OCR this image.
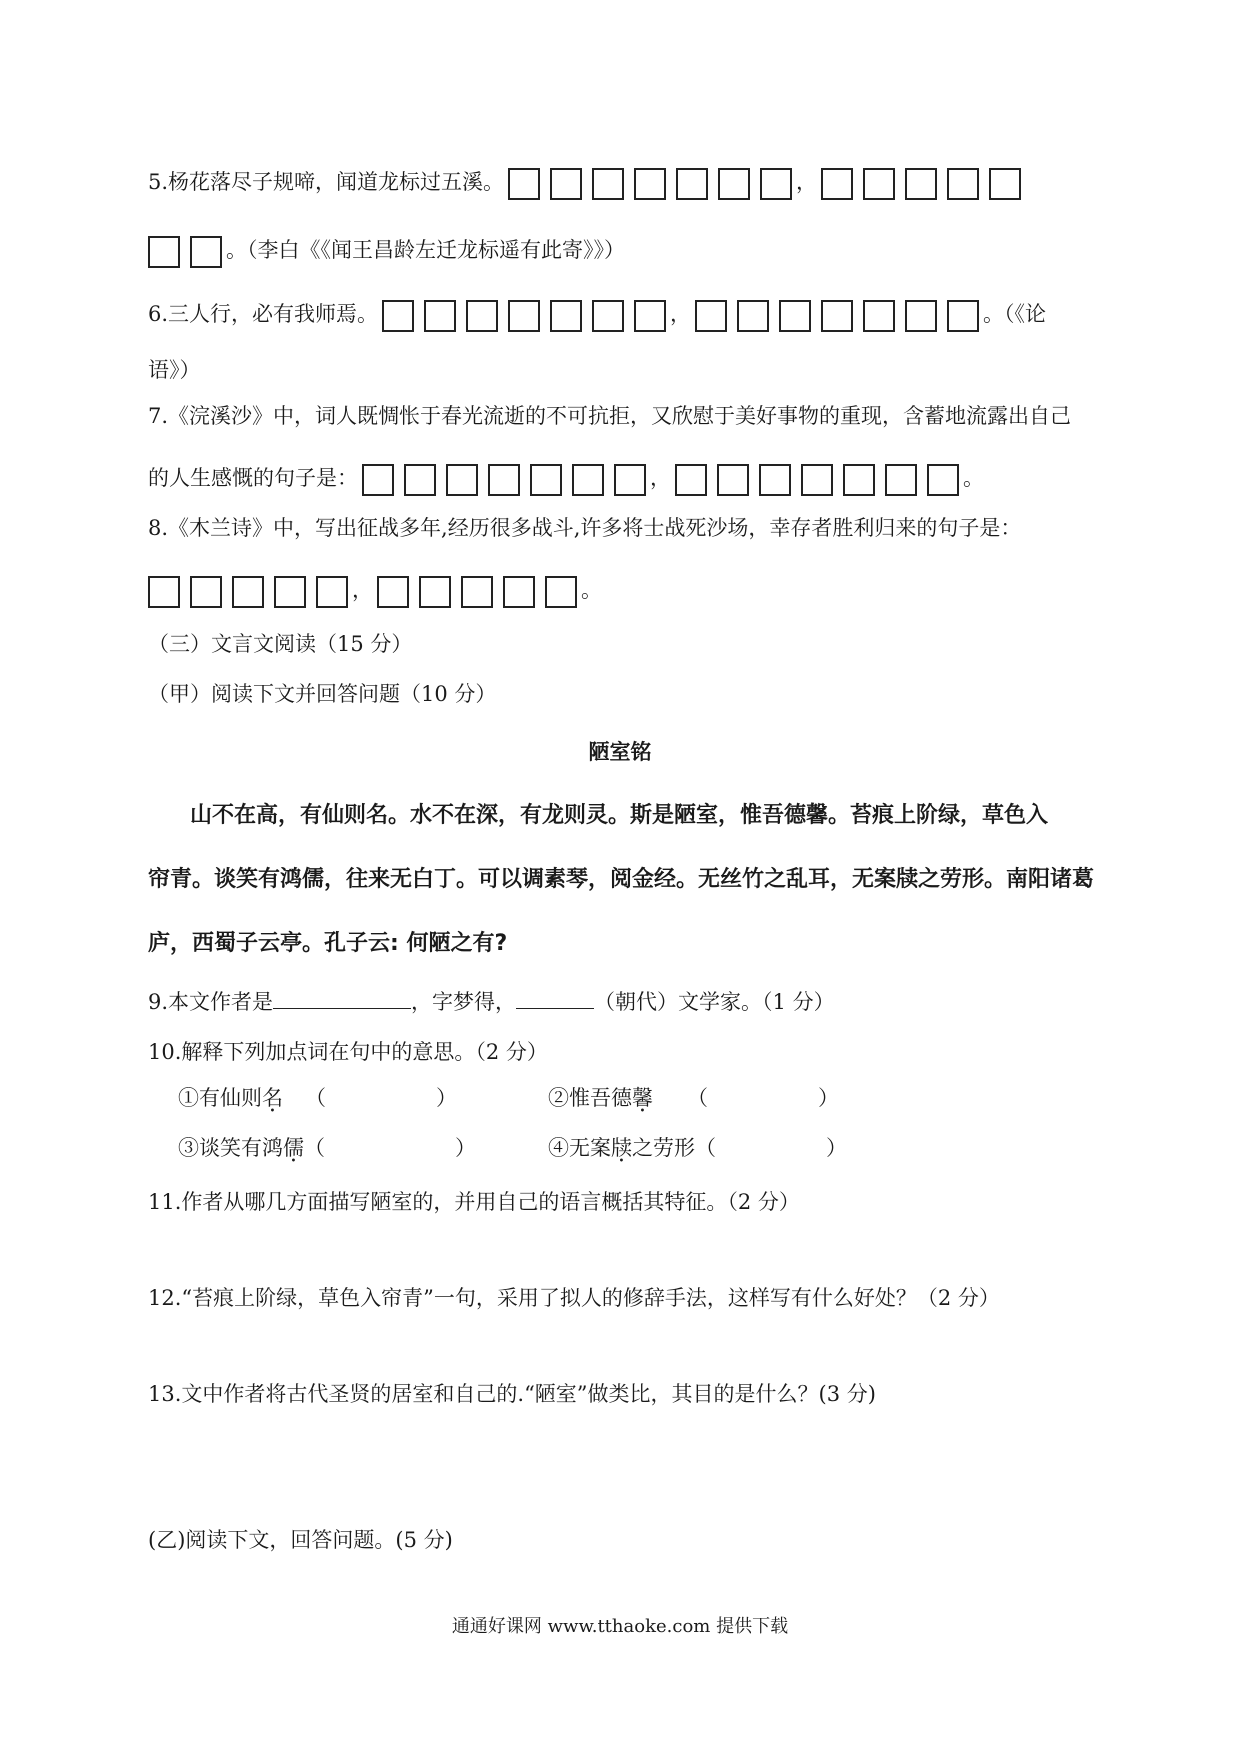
5.杨花落尽子规啼，闻道龙标过五溪。	，
。（李白《《闻王昌龄左迁龙标遥有此寄》》）
6.三人行，必有我师焉。	，	。（《论
语》）
7.《浣溪沙》中，词人既惆怅于春光流逝的不可抗拒，又欣慰于美好事物的重现，含蓄地流露出自己
的人生感慨的句子是：	，	。
8.《木兰诗》中，写出征战多年,经历很多战斗,许多将士战死沙场，幸存者胜利归来的句子是：
，	。
（三）文言文阅读（15 分）
（甲）阅读下文并回答问题（10 分）
陋室铭
山不在高，有仙则名。水不在深，有龙则灵。斯是陋室，惟吾德馨。苔痕上阶绿，草色入
帘青。谈笑有鸿儒，往来无白丁。可以调素琴，阅金经。无丝竹之乱耳，无案牍之劳形。南阳诸葛
庐，西蜀子云亭。孔子云: 何陋之有?
9.本文作者是	，字梦得，	（朝代）文学家。（1 分）
10.解释下列加点词在句中的意思。（2 分）
①有仙则名 （	）	②惟吾德馨 （	）
③谈笑有鸿儒（	）	④无案牍之劳形（	）
11.作者从哪几方面描写陋室的，并用自己的语言概括其特征。（2 分）
12.“苔痕上阶绿，草色入帘青”一句，采用了拟人的修辞手法，这样写有什么好处？（2 分）
13.文中作者将古代圣贤的居室和自己的.“陋室”做类比，其目的是什么？(3 分)
(乙)阅读下文，回答问题。(5 分)
通通好课网 www.tthaoke.com 提供下载
